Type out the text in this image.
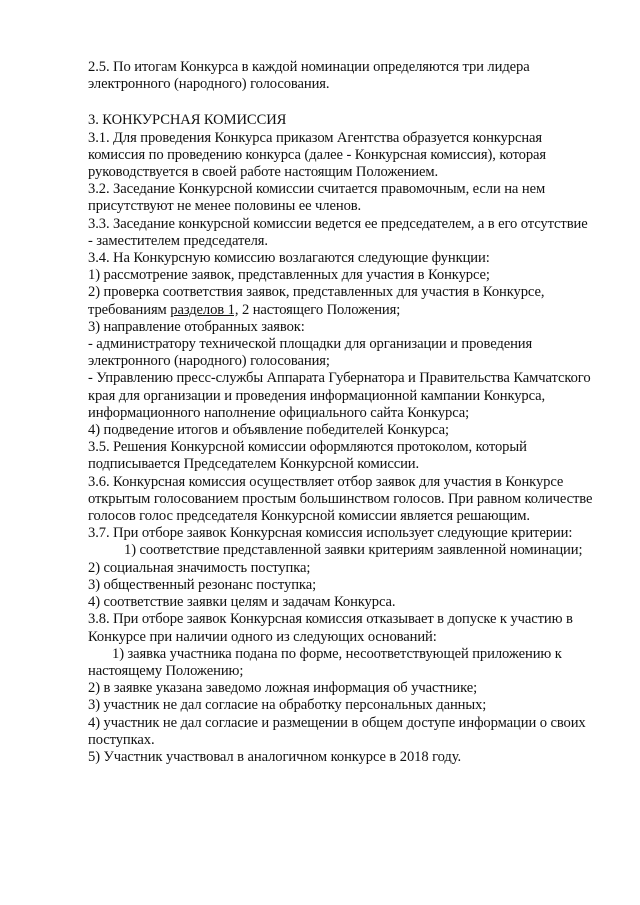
2.5. По итогам Конкурса в каждой номинации определяются три лидера электронного (народного) голосования.

3. КОНКУРСНАЯ КОМИССИЯ

3.1. Для проведения Конкурса приказом Агентства образуется конкурсная комиссия по проведению конкурса (далее - Конкурсная комиссия), которая руководствуется в своей работе настоящим Положением.

3.2. Заседание Конкурсной комиссии считается правомочным, если на нем присутствуют не менее половины ее членов.

3.3. Заседание конкурсной комиссии ведется ее председателем, а в его отсутствие - заместителем председателя.

3.4. На Конкурсную комиссию возлагаются следующие функции:

1) рассмотрение заявок, представленных для участия в Конкурсе;

2) проверка соответствия заявок, представленных для участия в Конкурсе, требованиям разделов 1, 2 настоящего Положения;

3) направление отобранных заявок:

- администратору технической площадки для организации и проведения электронного (народного) голосования;

- Управлению пресс-службы Аппарата Губернатора и Правительства Камчатского края для организации и проведения информационной кампании Конкурса, информационного наполнение официального сайта Конкурса;

4) подведение итогов и объявление победителей Конкурса;

3.5. Решения Конкурсной комиссии оформляются протоколом, который подписывается Председателем Конкурсной комиссии.

3.6. Конкурсная комиссия осуществляет отбор заявок для участия в Конкурсе открытым голосованием простым большинством голосов. При равном количестве голосов голос председателя Конкурсной комиссии является решающим.

3.7. При отборе заявок Конкурсная комиссия использует следующие критерии:

1) соответствие представленной заявки критериям заявленной номинации;

2) социальная значимость поступка;

3) общественный резонанс поступка;

4) соответствие заявки целям и задачам Конкурса.

3.8. При отборе заявок Конкурсная комиссия отказывает в допуске к участию в Конкурсе при наличии одного из следующих оснований:

1) заявка участника подана по форме, несоответствующей приложению к настоящему Положению;

2) в заявке указана заведомо ложная информация об участнике;

3) участник не дал согласие на обработку персональных данных;

4) участник не дал согласие и размещении в общем доступе информации о своих поступках.

5) Участник участвовал в аналогичном конкурсе в 2018 году.
